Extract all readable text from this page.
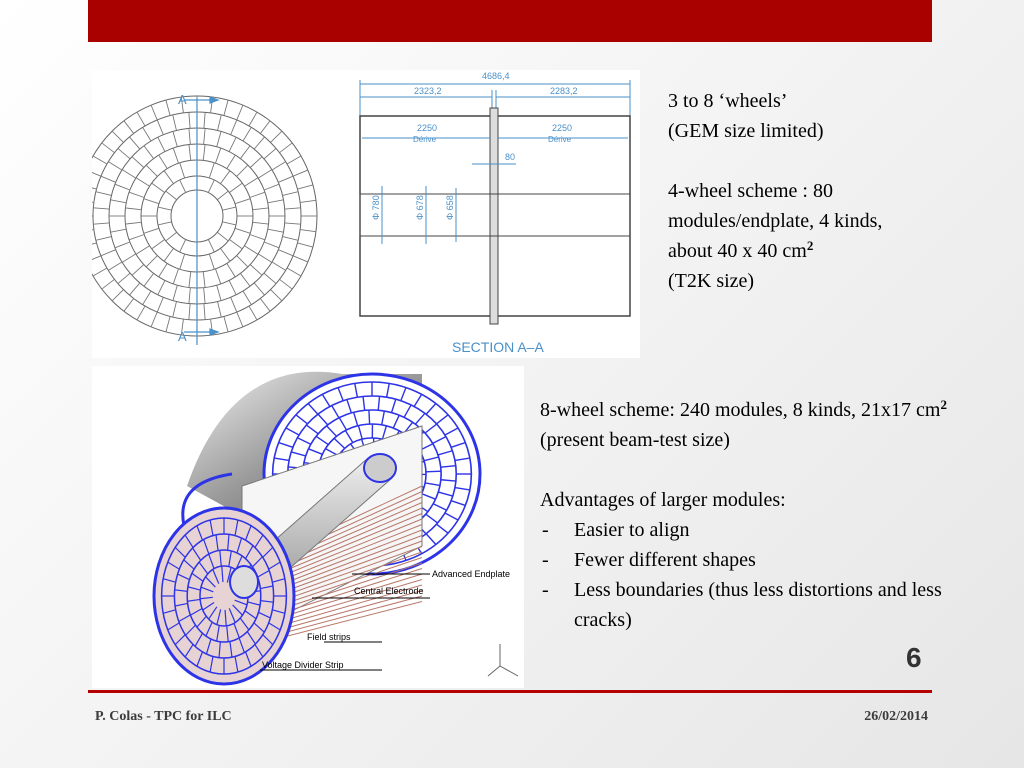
A
A
4686,4
2323,2	2283,2
2250
Dérive
2250
Dérive
80
Φ 780	Φ 678 Φ 658
SECTION A–A
Advanced Endplate
Central Electrode
Field strips
Voltage Divider Strip

3 to 8 ‘wheels’

(GEM size limited)

4-wheel scheme : 80 modules/endplate, 4 kinds, about 40 x 40 $cm^2$

(T2K size)

8-wheel scheme: 240 modules, 8 kinds, 21x17 $cm^2$ (present beam-test size)

Advantages of larger modules:

- Easier to align
- Fewer different shapes
- Less boundaries (thus less distortions and less cracks)
6
P. Colas - TPC for ILC	26/02/2014
